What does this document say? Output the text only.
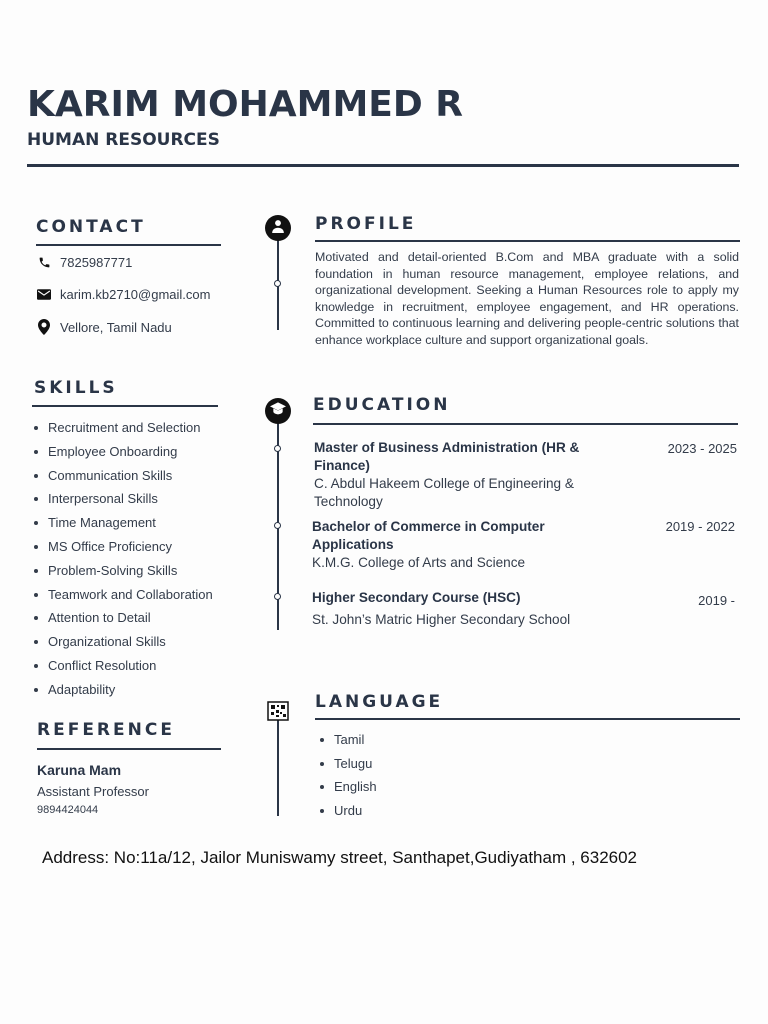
KARIM MOHAMMED R
HUMAN RESOURCES
CONTACT
7825987771
karim.kb2710@gmail.com
Vellore, Tamil Nadu
SKILLS
Recruitment and Selection
Employee Onboarding
Communication Skills
Interpersonal Skills
Time Management
MS Office Proficiency
Problem-Solving Skills
Teamwork and Collaboration
Attention to Detail
Organizational Skills
Conflict Resolution
Adaptability
REFERENCE
Karuna Mam
Assistant Professor
9894424044
PROFILE
Motivated and detail-oriented B.Com and MBA graduate with a solid foundation in human resource management, employee relations, and organizational development. Seeking a Human Resources role to apply my knowledge in recruitment, employee engagement, and HR operations. Committed to continuous learning and delivering people-centric solutions that enhance workplace culture and support organizational goals.
EDUCATION
Master of Business Administration (HR & Finance)
C. Abdul Hakeem College of Engineering & Technology
2023 - 2025
Bachelor of Commerce in Computer Applications
K.M.G. College of Arts and Science
2019 - 2022
Higher Secondary Course (HSC)
St. John’s Matric Higher Secondary School
2019 -
LANGUAGE
Tamil
Telugu
English
Urdu
Address: No:11a/12, Jailor Muniswamy street, Santhapet,Gudiyatham , 632602
